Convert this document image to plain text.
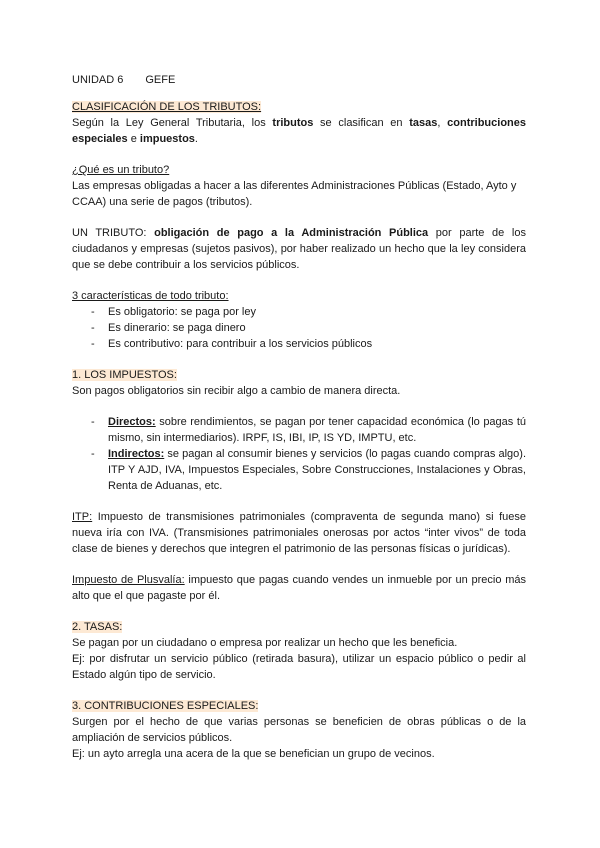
UNIDAD 6 GEFE
CLASIFICACIÓN DE LOS TRIBUTOS:

Según la Ley General Tributaria, los tributos se clasifican en tasas, contribuciones especiales e impuestos.

¿Qué es un tributo?

Las empresas obligadas a hacer a las diferentes Administraciones Públicas (Estado, Ayto y CCAA) una serie de pagos (tributos).

UN TRIBUTO: obligación de pago a la Administración Pública por parte de los ciudadanos y empresas (sujetos pasivos), por haber realizado un hecho que la ley considera que se debe contribuir a los servicios públicos.

3 características de todo tributo:
- Es obligatorio: se paga por ley
- Es dinerario: se paga dinero
- Es contributivo: para contribuir a los servicios públicos
1. LOS IMPUESTOS:

Son pagos obligatorios sin recibir algo a cambio de manera directa.

- Directos: sobre rendimientos, se pagan por tener capacidad económica (lo pagas tú mismo, sin intermediarios). IRPF, IS, IBI, IP, IS YD, IMPTU, etc.
- Indirectos: se pagan al consumir bienes y servicios (lo pagas cuando compras algo). ITP Y AJD, IVA, Impuestos Especiales, Sobre Construcciones, Instalaciones y Obras, Renta de Aduanas, etc.

ITP: Impuesto de transmisiones patrimoniales (compraventa de segunda mano) si fuese nueva iría con IVA. (Transmisiones patrimoniales onerosas por actos “inter vivos” de toda clase de bienes y derechos que integren el patrimonio de las personas físicas o jurídicas).

Impuesto de Plusvalía: impuesto que pagas cuando vendes un inmueble por un precio más alto que el que pagaste por él.

2. TASAS:

Se pagan por un ciudadano o empresa por realizar un hecho que les beneficia.

Ej: por disfrutar un servicio público (retirada basura), utilizar un espacio público o pedir al Estado algún tipo de servicio.

3. CONTRIBUCIONES ESPECIALES:

Surgen por el hecho de que varias personas se beneficien de obras públicas o de la ampliación de servicios públicos.

Ej: un ayto arregla una acera de la que se benefician un grupo de vecinos.
